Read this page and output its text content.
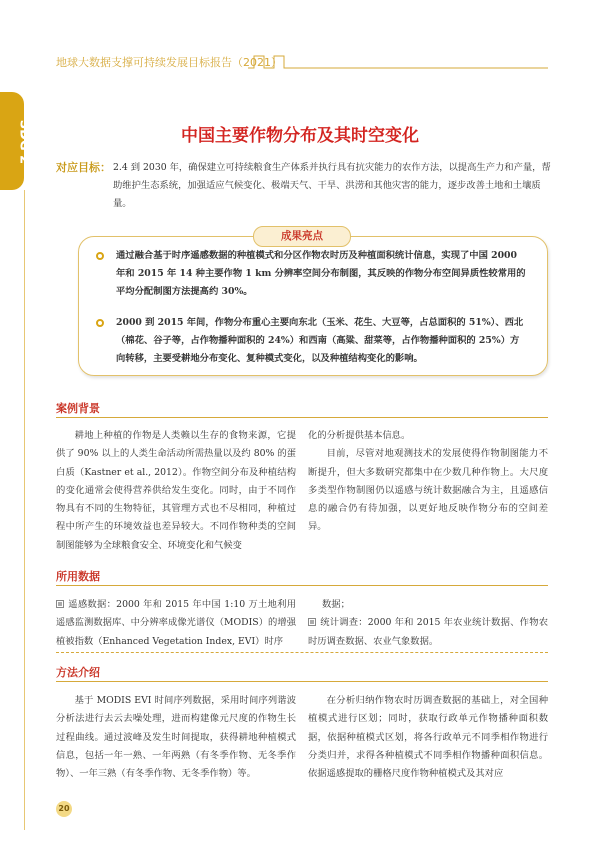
地球大数据支撑可持续发展目标报告（2021）
SDG 2	中国主要作物分布及其时空变化
对应目标： 2.4 到 2030 年，确保建立可持续粮食生产体系并执行具有抗灾能力的农作方法，以提高生产力和产量，帮助维护生态系统，加强适应气候变化、极端天气、干旱、洪涝和其他灾害的能力，逐步改善土地和土壤质量。
成果亮点
通过融合基于时序遥感数据的种植模式和分区作物农时历及种植面积统计信息，实现了中国 2000 年和 2015 年 14 种主要作物 1 km 分辨率空间分布制图，其反映的作物分布空间异质性较常用的平均分配制图方法提高约 30%。
2000 到 2015 年间，作物分布重心主要向东北（玉米、花生、大豆等，占总面积的 51%）、西北（棉花、谷子等，占作物播种面积的 24%）和西南（高粱、甜菜等，占作物播种面积的 25%）方向转移，主要受耕地分布变化、复种模式变化，以及种植结构变化的影响。
案例背景

耕地上种植的作物是人类赖以生存的食物来源，它提供了 90% 以上的人类生命活动所需热量以及约 80% 的蛋白质（Kastner et al., 2012）。作物空间分布及种植结构的变化通常会使得营养供给发生变化。同时，由于不同作物具有不同的生物特征，其管理方式也不尽相同，种植过程中所产生的环境效益也差异较大。不同作物种类的空间制图能够为全球粮食安全、环境变化和气候变

化的分析提供基本信息。

目前，尽管对地观测技术的发展使得作物制图能力不断提升，但大多数研究都集中在少数几种作物上。大尺度多类型作物制图仍以遥感与统计数据融合为主，且遥感信息的融合仍有待加强，以更好地反映作物分布的空间差异。

所用数据

遥感数据：2000 年和 2015 年中国 1:10 万土地利用遥感监测数据库、中分辨率成像光谱仪（MODIS）的增强植被指数（Enhanced Vegetation Index, EVI）时序

数据；

统计调查：2000 年和 2015 年农业统计数据、作物农时历调查数据、农业气象数据。

方法介绍

基于 MODIS EVI 时间序列数据，采用时间序列谐波分析法进行去云去噪处理，进而构建像元尺度的作物生长过程曲线。通过波峰及发生时间提取，获得耕地种植模式信息，包括一年一熟、一年两熟（有冬季作物、无冬季作物）、一年三熟（有冬季作物、无冬季作物）等。

在分析归纳作物农时历调查数据的基础上，对全国种植模式进行区划；同时，获取行政单元作物播种面积数据，依据种植模式区划，将各行政单元不同季相作物进行分类归并，求得各种植模式不同季相作物播种面积信息。依据遥感提取的栅格尺度作物种植模式及其对应

20
